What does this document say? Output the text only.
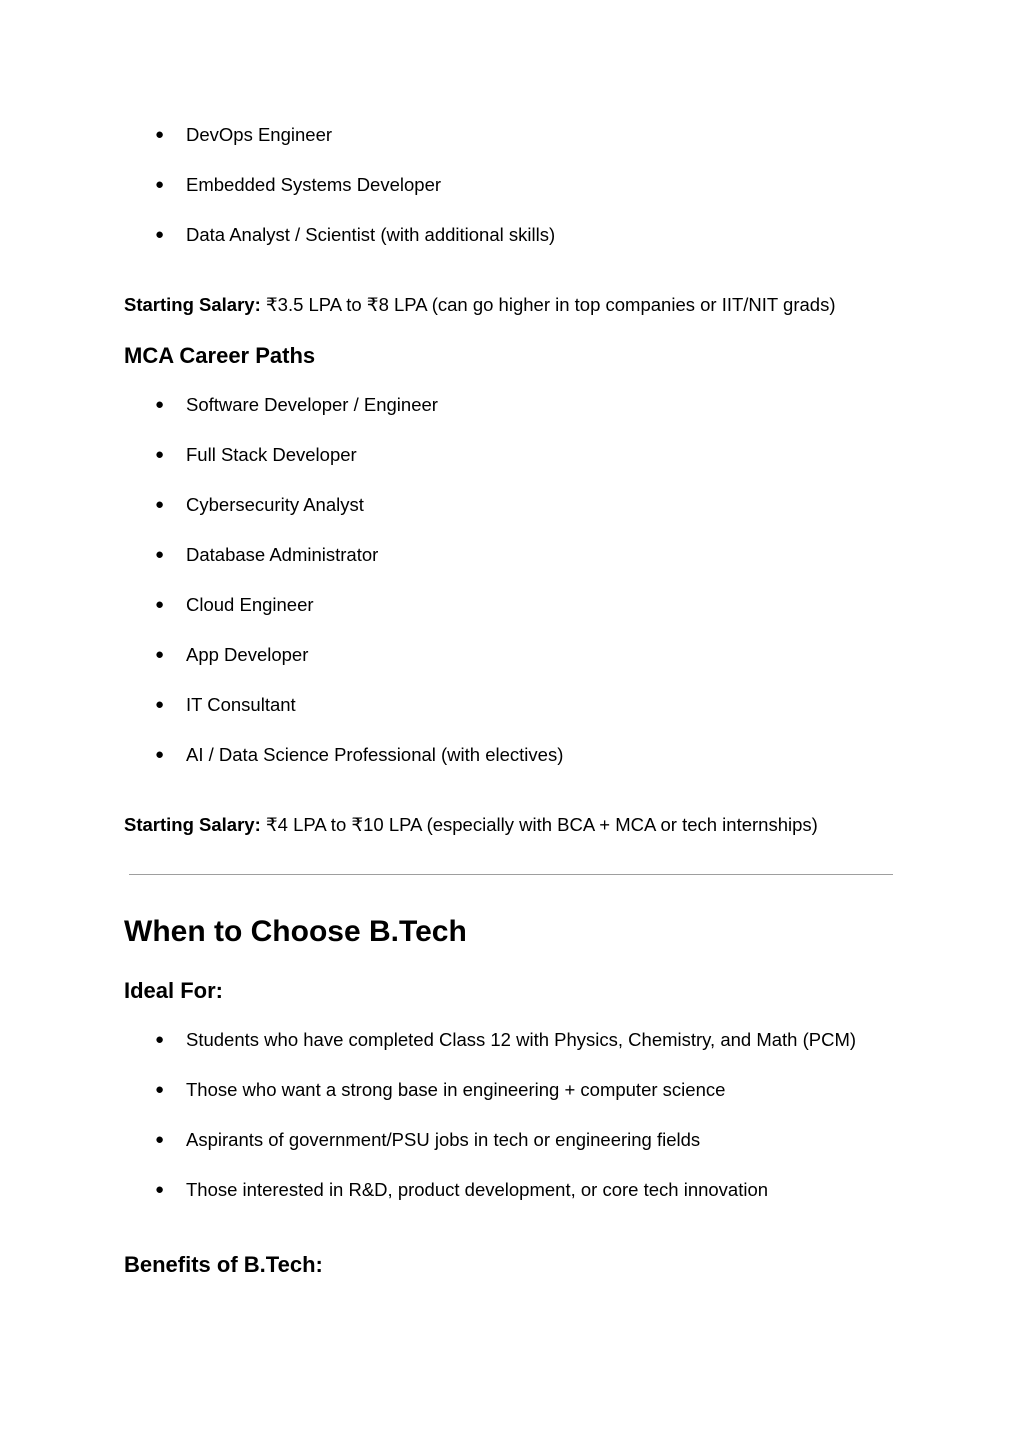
● DevOps Engineer
● Embedded Systems Developer
● Data Analyst / Scientist (with additional skills)

Starting Salary: ₹3.5 LPA to ₹8 LPA (can go higher in top companies or IIT/NIT grads)

MCA Career Paths
● Software Developer / Engineer
● Full Stack Developer
● Cybersecurity Analyst
● Database Administrator
● Cloud Engineer
● App Developer
● IT Consultant
● AI / Data Science Professional (with electives)

Starting Salary: ₹4 LPA to ₹10 LPA (especially with BCA + MCA or tech internships)

When to Choose B.Tech
Ideal For:
● Students who have completed Class 12 with Physics, Chemistry, and Math (PCM)
● Those who want a strong base in engineering + computer science
● Aspirants of government/PSU jobs in tech or engineering fields
● Those interested in R&D, product development, or core tech innovation
Benefits of B.Tech:
